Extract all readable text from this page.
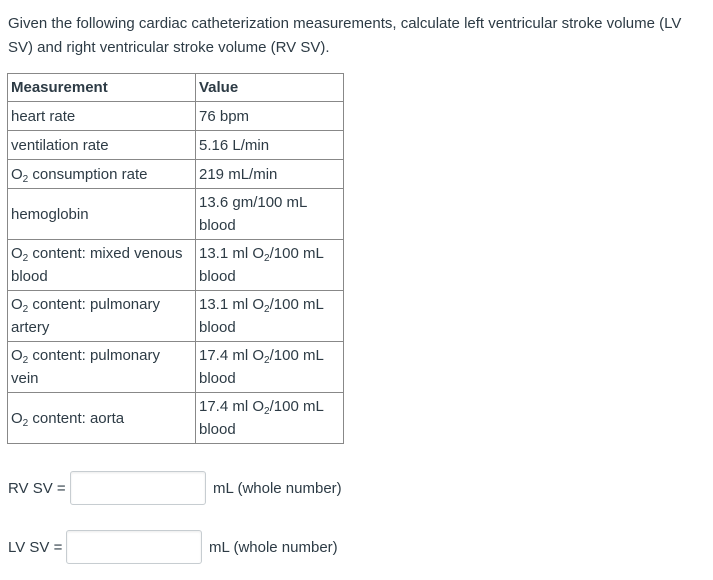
Given the following cardiac catheterization measurements, calculate left ventricular stroke volume (LV SV) and right ventricular stroke volume (RV SV).
Measurement	Value
heart rate	76 bpm
ventilation rate	5.16 L/min
$O_2$ consumption rate	219 mL/min
hemoglobin	13.6 gm/100 mL blood
$O_2$ content: mixed venous blood	13.1 ml $O_2/100$ mL blood
$O_2$ content: pulmonary artery	13.1 ml $O_2/100$ mL blood
$O_2$ content: pulmonary vein	17.4 ml $O_2/100$ mL blood
$O_2$ content: aorta	17.4 ml $O_2/100$ mL blood
RV SV =	mL (whole number)
LV SV =	mL (whole number)
